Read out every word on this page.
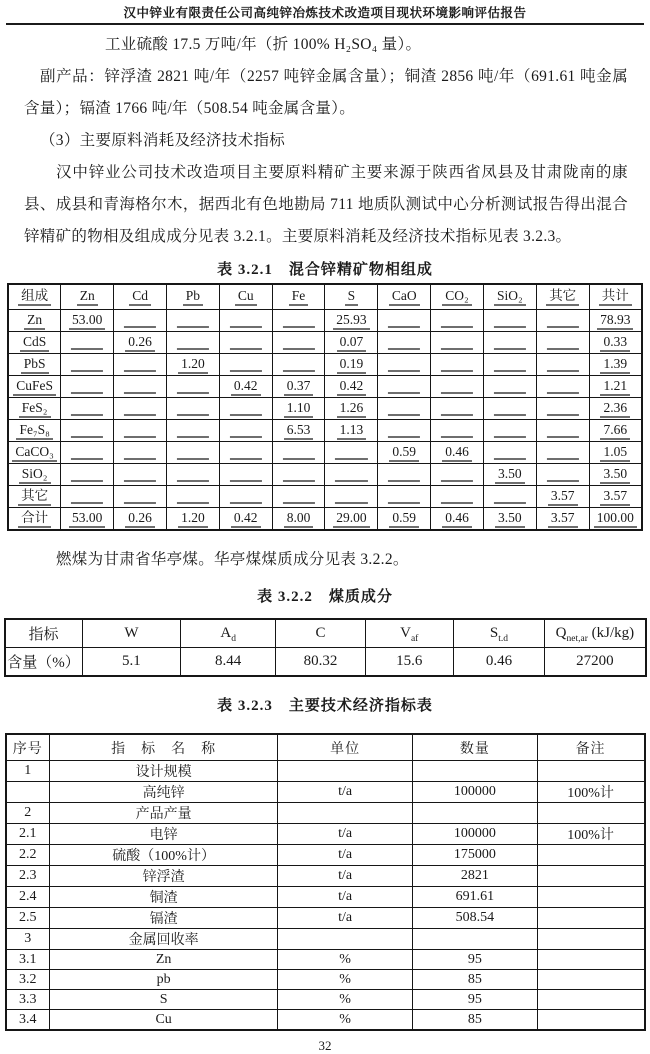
汉中锌业有限责任公司高纯锌冶炼技术改造项目现状环境影响评估报告

工业硫酸 17.5 万吨/年（折 100% H₂SO₄ 量）。

副产品：锌浮渣 2821 吨/年（2257 吨锌金属含量）；铜渣 2856 吨/年（691.61 吨金属含量）；镉渣 1766 吨/年（508.54 吨金属含量）。

（3）主要原料消耗及经济技术指标

汉中锌业公司技术改造项目主要原料精矿主要来源于陕西省凤县及甘肃陇南的康县、成县和青海格尔木，据西北有色地勘局 711 地质队测试中心分析测试报告得出混合锌精矿的物相及组成成分见表 3.2.1。主要原料消耗及经济技术指标见表 3.2.3。

表 3.2.1　混合锌精矿物相组成
组成	Zn	Cd	Pb	Cu	Fe	S	CaO	CO₂	SiO₂	其它	共计
Zn	53.00					25.93					78.93
CdS		0.26				0.07					0.33
PbS			1.20			0.19					1.39
CuFeS				0.42	0.37	0.42					1.21
FeS₂					1.10	1.26					2.36
Fe₇S₈					6.53	1.13					7.66
CaCO₃							0.59	0.46			1.05
SiO₂									3.50		3.50
其它										3.57	3.57
合计	53.00	0.26	1.20	0.42	8.00	29.00	0.59	0.46	3.50	3.57	100.00

燃煤为甘肃省华亭煤。华亭煤煤质成分见表 3.2.2。

表 3.2.2　煤质成分
指标	W	$A_d$	C	$V_{af}$	$S_{t.d}$	$Q_{net,ar}$ (kJ/kg)
含量（%）	5.1	8.44	80.32	15.6	0.46	27200
表 3.2.3　主要技术经济指标表
序号	指　标　名　称	单位	数量	备注
1	设计规模			
	高纯锌	t/a	100000	100%计
2	产品产量			
2.1	电锌	t/a	100000	100%计
2.2	硫酸（100%计）	t/a	175000	
2.3	锌浮渣	t/a	2821	
2.4	铜渣	t/a	691.61	
2.5	镉渣	t/a	508.54	
3	金属回收率			
3.1	Zn	%	95	
3.2	pb	%	85	
3.3	S	%	95	
3.4	Cu	%	85	
32
